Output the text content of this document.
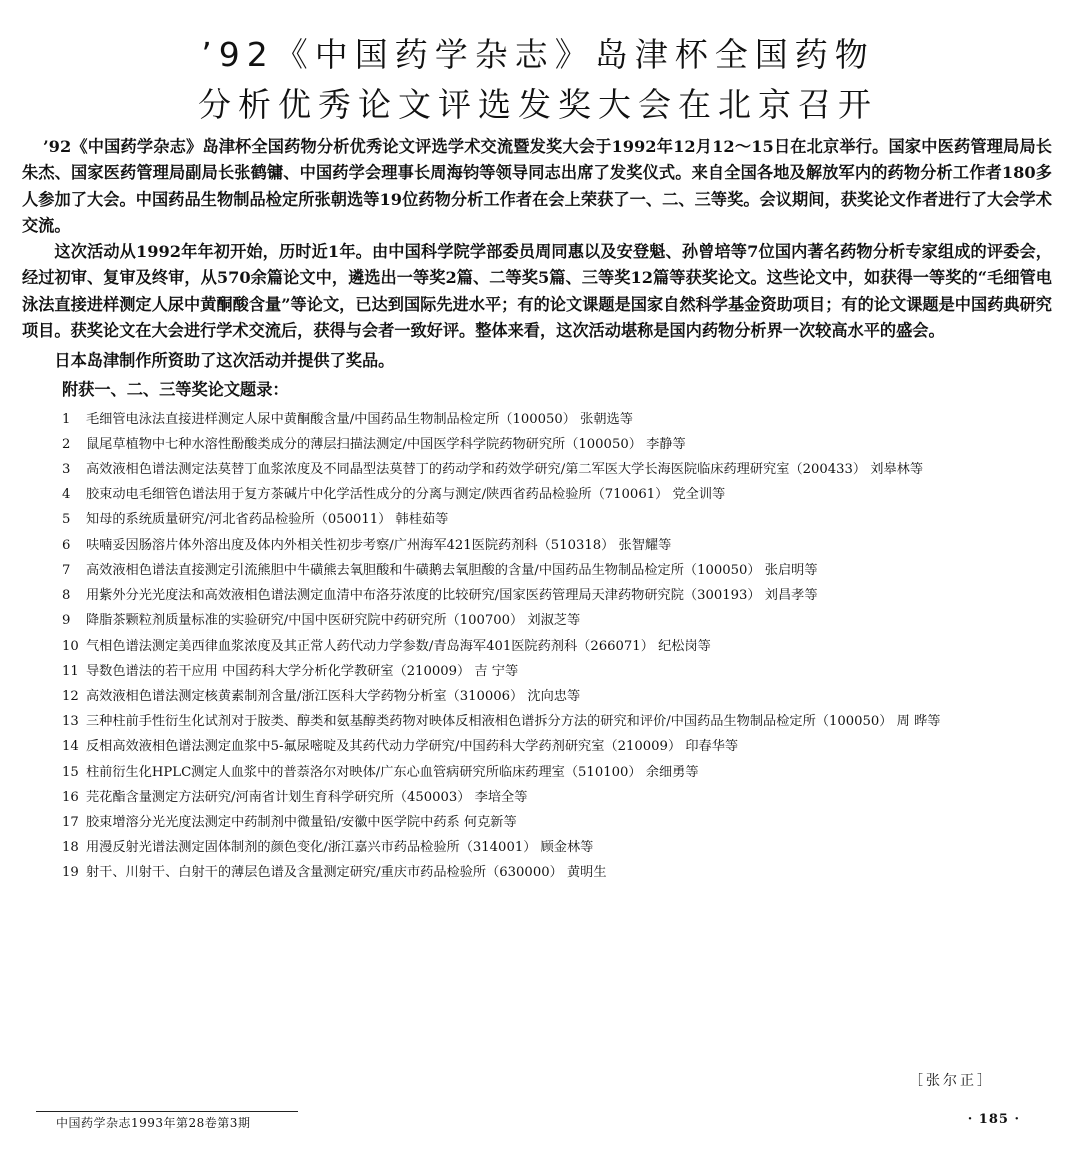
’92《中国药学杂志》岛津杯全国药物
分析优秀论文评选发奖大会在北京召开

’92《中国药学杂志》岛津杯全国药物分析优秀论文评选学术交流暨发奖大会于1992年12月12～15日在北京举行。国家中医药管理局局长朱杰、国家医药管理局副局长张鹤镛、中国药学会理事长周海钧等领导同志出席了发奖仪式。来自全国各地及解放军内的药物分析工作者180多人参加了大会。中国药品生物制品检定所张朝选等19位药物分析工作者在会上荣获了一、二、三等奖。会议期间，获奖论文作者进行了大会学术交流。

这次活动从1992年年初开始，历时近1年。由中国科学院学部委员周同惠以及安登魁、孙曾培等7位国内著名药物分析专家组成的评委会，经过初审、复审及终审，从570余篇论文中，遴选出一等奖2篇、二等奖5篇、三等奖12篇等获奖论文。这些论文中，如获得一等奖的“毛细管电泳法直接进样测定人尿中黄酮酸含量”等论文，已达到国际先进水平；有的论文课题是国家自然科学基金资助项目；有的论文课题是中国药典研究项目。获奖论文在大会进行学术交流后，获得与会者一致好评。整体来看，这次活动堪称是国内药物分析界一次较高水平的盛会。

日本岛津制作所资助了这次活动并提供了奖品。

附获一、二、三等奖论文题录：
1 毛细管电泳法直接进样测定人尿中黄酮酸含量/中国药品生物制品检定所（100050） 张朝选等
2 鼠尾草植物中七种水溶性酚酸类成分的薄层扫描法测定/中国医学科学院药物研究所（100050） 李静等
3 高效液相色谱法测定法莫替丁血浆浓度及不同晶型法莫替丁的药动学和药效学研究/第二军医大学长海医院临床药理研究室（200433） 刘皋林等
4 胶束动电毛细管色谱法用于复方茶碱片中化学活性成分的分离与测定/陕西省药品检验所（710061） 党全训等
5 知母的系统质量研究/河北省药品检验所（050011） 韩桂茹等
6 呋喃妥因肠溶片体外溶出度及体内外相关性初步考察/广州海军421医院药剂科（510318） 张智耀等
7 高效液相色谱法直接测定引流熊胆中牛磺熊去氧胆酸和牛磺鹅去氧胆酸的含量/中国药品生物制品检定所（100050） 张启明等
8 用紫外分光光度法和高效液相色谱法测定血清中布洛芬浓度的比较研究/国家医药管理局天津药物研究院（300193） 刘昌孝等
9 降脂茶颗粒剂质量标准的实验研究/中国中医研究院中药研究所（100700） 刘淑芝等
10 气相色谱法测定美西律血浆浓度及其正常人药代动力学参数/青岛海军401医院药剂科（266071） 纪松岗等
11 导数色谱法的若干应用 中国药科大学分析化学教研室（210009） 吉 宁等
12 高效液相色谱法测定核黄素制剂含量/浙江医科大学药物分析室（310006） 沈向忠等
13 三种柱前手性衍生化试剂对于胺类、醇类和氨基醇类药物对映体反相液相色谱拆分方法的研究和评价/中国药品生物制品检定所（100050） 周 晔等
14 反相高效液相色谱法测定血浆中5-氟尿嘧啶及其药代动力学研究/中国药科大学药剂研究室（210009） 印春华等
15 柱前衍生化HPLC测定人血浆中的普萘洛尔对映体/广东心血管病研究所临床药理室（510100） 余细勇等
16 芫花酯含量测定方法研究/河南省计划生育科学研究所（450003） 李培全等
17 胶束增溶分光光度法测定中药制剂中微量铅/安徽中医学院中药系 何克新等
18 用漫反射光谱法测定固体制剂的颜色变化/浙江嘉兴市药品检验所（314001） 顾金林等
19 射干、川射干、白射干的薄层色谱及含量测定研究/重庆市药品检验所（630000） 黄明生
［张尔正］
中国药学杂志1993年第28卷第3期	· 185 ·
